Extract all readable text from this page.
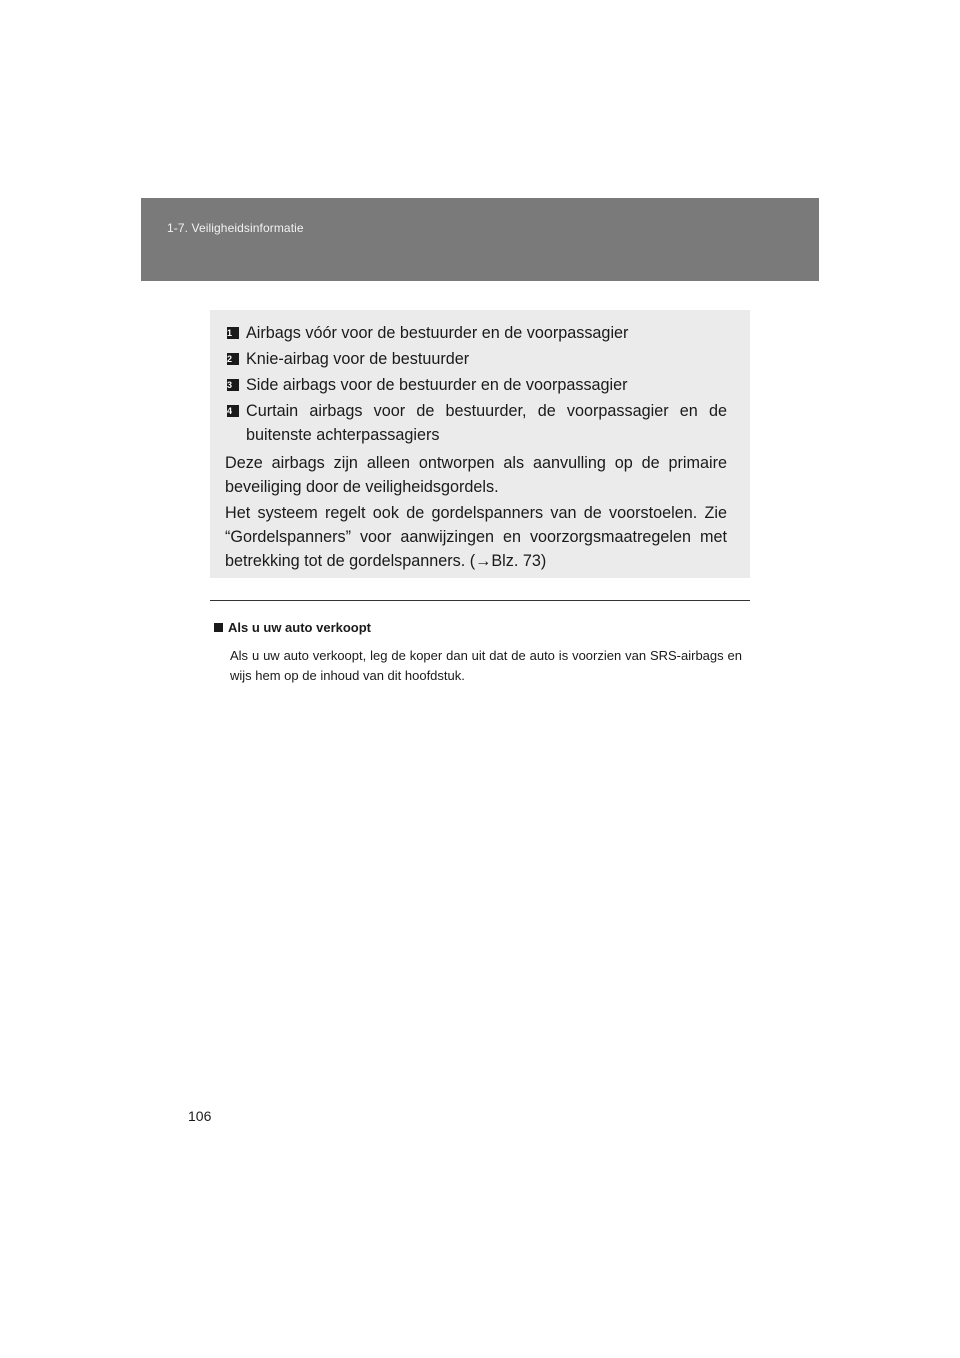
1-7. Veiligheidsinformatie
1 Airbags vóór voor de bestuurder en de voorpassagier
2 Knie-airbag voor de bestuurder
3 Side airbags voor de bestuurder en de voorpassagier
4 Curtain airbags voor de bestuurder, de voorpassagier en de buitenste achterpassagiers
Deze airbags zijn alleen ontworpen als aanvulling op de primaire beveiliging door de veiligheidsgordels.
Het systeem regelt ook de gordelspanners van de voorstoelen. Zie “Gordelspanners” voor aanwijzingen en voorzorgsmaatregelen met betrekking tot de gordelspanners. (→Blz. 73)
Als u uw auto verkoopt
Als u uw auto verkoopt, leg de koper dan uit dat de auto is voorzien van SRS-airbags en wijs hem op de inhoud van dit hoofdstuk.
106
